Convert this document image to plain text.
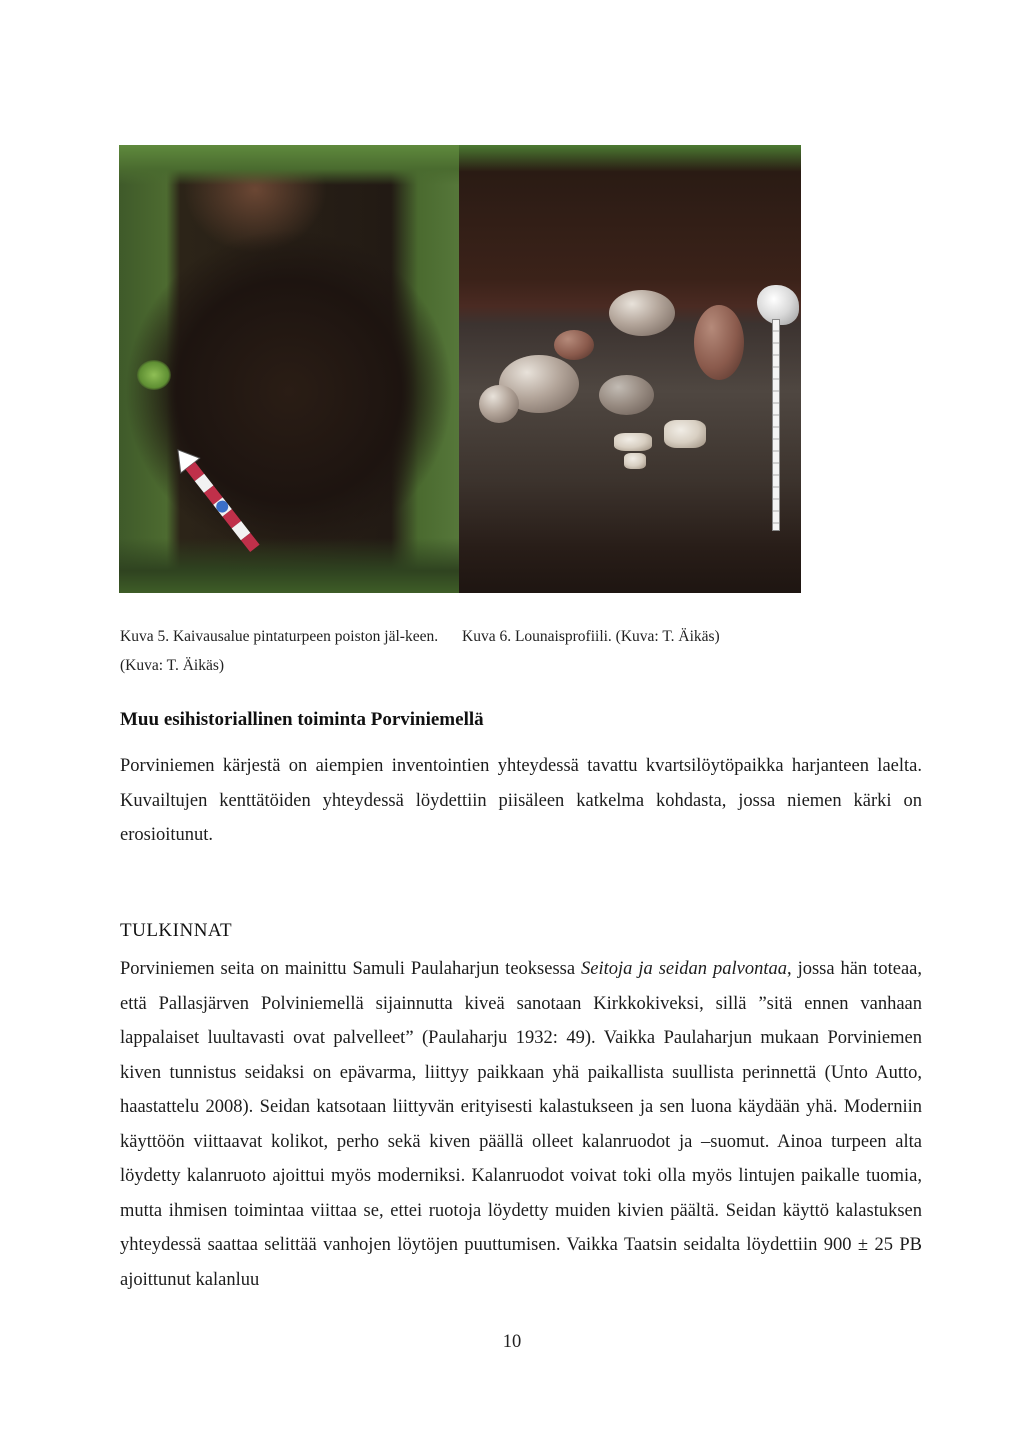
Kuva 5. Kaivausalue pintaturpeen poiston jäl-keen. (Kuva: T. Äikäs)
Kuva 6. Lounaisprofiili. (Kuva: T. Äikäs)
Muu esihistoriallinen toiminta Porviniemellä

Porviniemen kärjestä on aiempien inventointien yhteydessä tavattu kvartsilöytöpaikka harjanteen laelta. Kuvailtujen kenttätöiden yhteydessä löydettiin piisäleen katkelma kohdasta, jossa niemen kärki on erosioitunut.

TULKINNAT

Porviniemen seita on mainittu Samuli Paulaharjun teoksessa Seitoja ja seidan palvontaa, jossa hän toteaa, että Pallasjärven Polviniemellä sijainnutta kiveä sanotaan Kirkkokiveksi, sillä ”sitä ennen vanhaan lappalaiset luultavasti ovat palvelleet” (Paulaharju 1932: 49). Vaikka Paulaharjun mukaan Porviniemen kiven tunnistus seidaksi on epävarma, liittyy paikkaan yhä paikallista suullista perinnettä (Unto Autto, haastattelu 2008). Seidan katsotaan liittyvän erityisesti kalastukseen ja sen luona käydään yhä. Moderniin käyttöön viittaavat kolikot, perho sekä kiven päällä olleet kalanruodot ja –suomut. Ainoa turpeen alta löydetty kalanruoto ajoittui myös moderniksi. Kalanruodot voivat toki olla myös lintujen paikalle tuomia, mutta ihmisen toimintaa viittaa se, ettei ruotoja löydetty muiden kivien päältä. Seidan käyttö kalastuksen yhteydessä saattaa selittää vanhojen löytöjen puuttumisen. Vaikka Taatsin seidalta löydettiin 900 ± 25 PB ajoittunut kalanluu

10
